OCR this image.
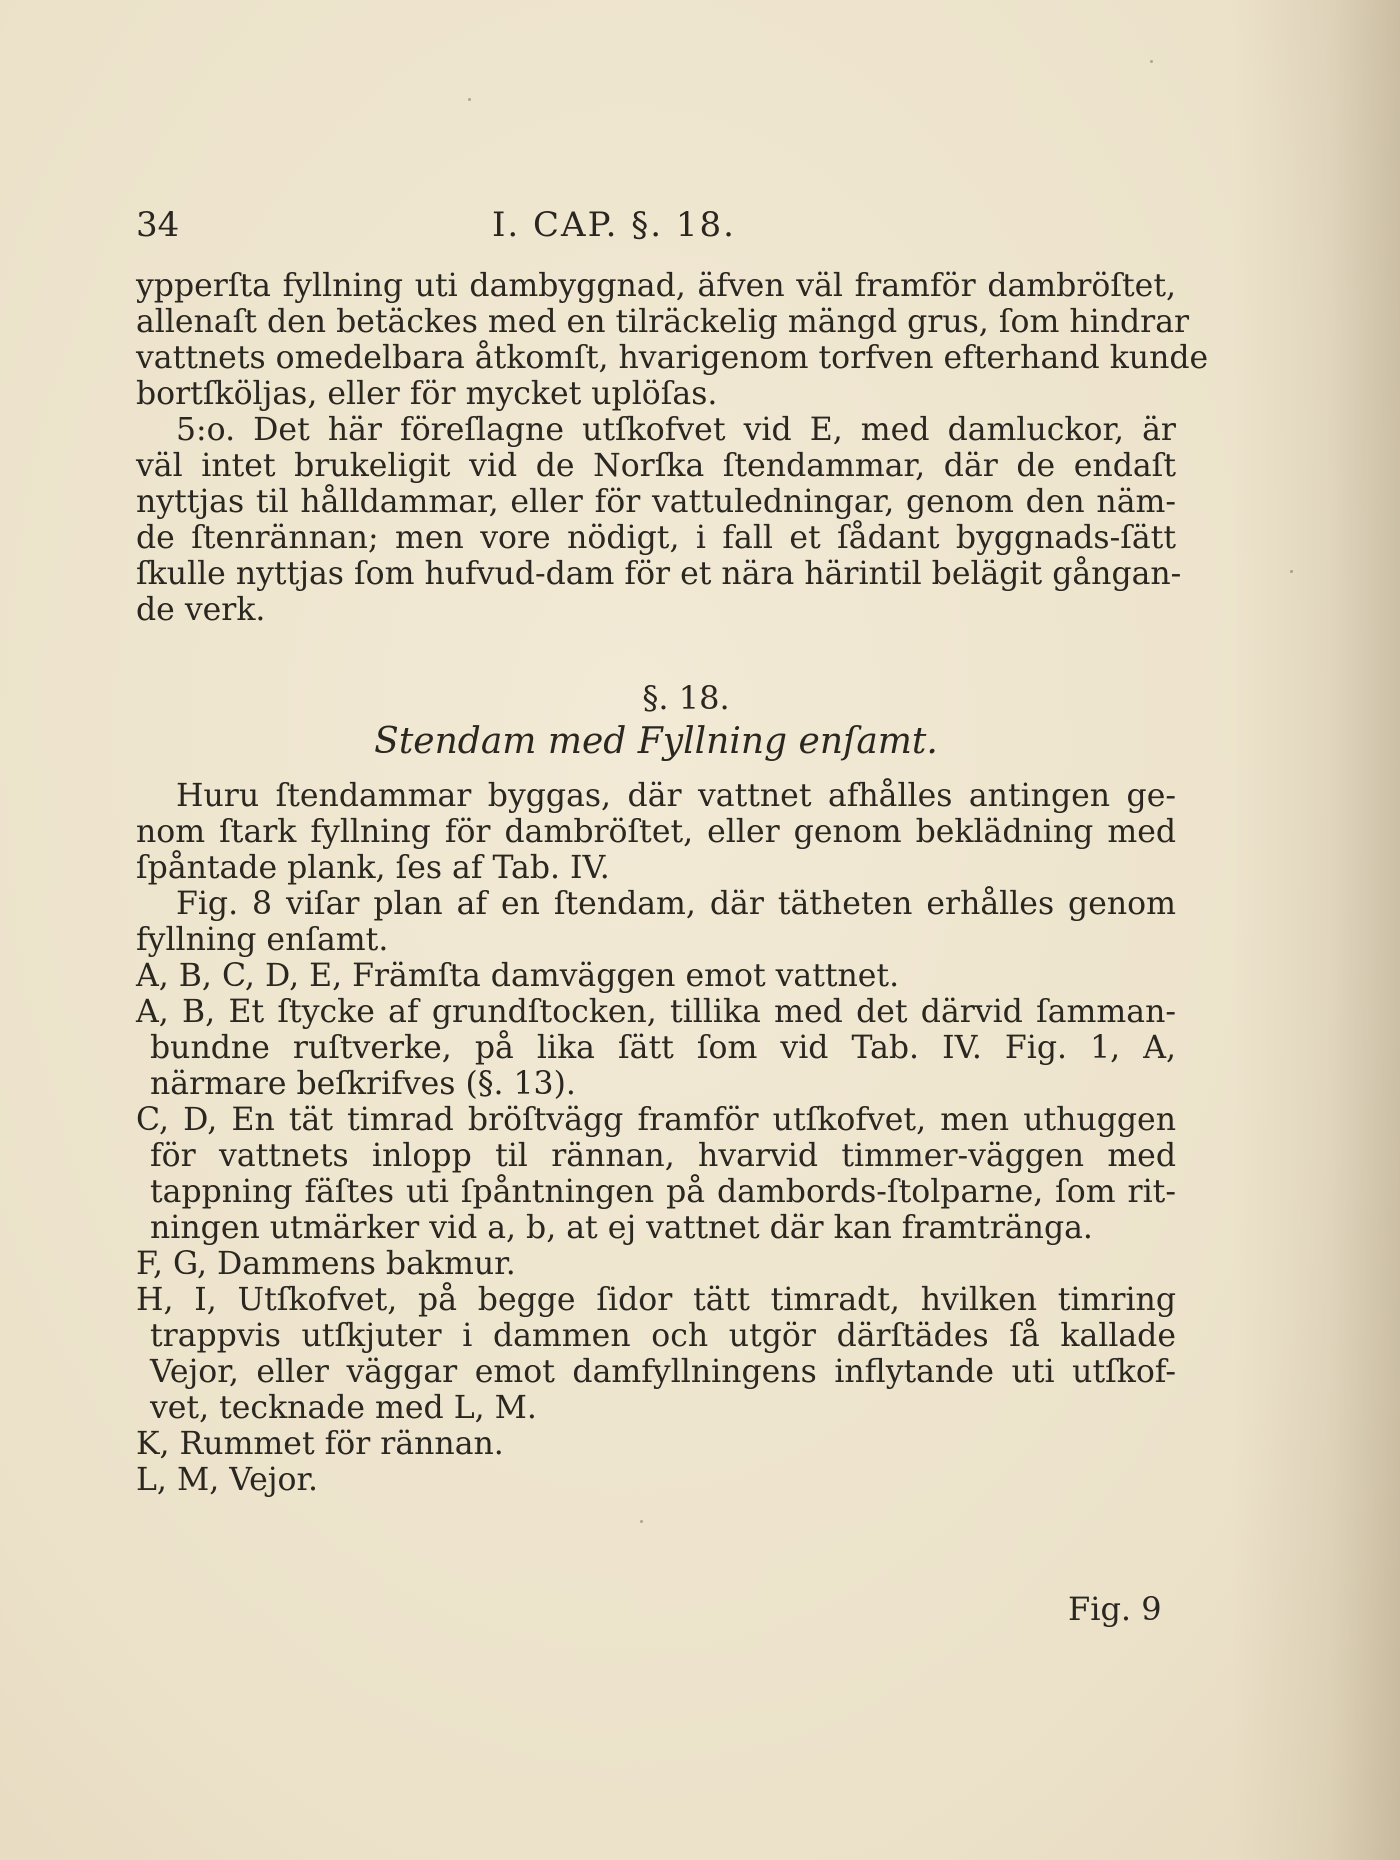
34	I. CAP. §. 18.

ypperſta fyllning uti dambyggnad, äfven väl framför dambröſtet,

allenaſt den betäckes med en tilräckelig mängd grus, ſom hindrar

vattnets omedelbara åtkomſt, hvarigenom torfven efterhand kunde

bortſköljas, eller för mycket uplöſas.

5:o. Det här föreſlagne utſkofvet vid E, med damluckor, är

väl intet brukeligit vid de Norſka ſtendammar, där de endaſt

nyttjas til hålldammar, eller för vattuledningar, genom den näm-

de ſtenrännan; men vore nödigt, i fall et ſådant byggnads-ſätt

ſkulle nyttjas ſom hufvud-dam för et nära härintil belägit gångan-

de verk.

§. 18.
Stendam med Fyllning enſamt.

Huru ſtendammar byggas, där vattnet afhålles antingen ge-

nom ſtark fyllning för dambröſtet, eller genom beklädning med

ſpåntade plank, ſes af Tab. IV.

Fig. 8 viſar plan af en ſtendam, där tätheten erhålles genom

fyllning enſamt.

A, B, C, D, E, Främſta damväggen emot vattnet.

A, B, Et ſtycke af grundſtocken, tillika med det därvid ſamman-

bundne ruſtverke, på lika ſätt ſom vid Tab. IV. Fig. 1, A,

närmare beſkrifves (§. 13).

C, D, En tät timrad bröſtvägg framför utſkofvet, men uthuggen

för vattnets inlopp til rännan, hvarvid timmer-väggen med

tappning fäſtes uti ſpåntningen på dambords-ſtolparne, ſom rit-

ningen utmärker vid a, b, at ej vattnet där kan framtränga.

F, G, Dammens bakmur.

H, I, Utſkofvet, på begge ſidor tätt timradt, hvilken timring

trappvis utſkjuter i dammen och utgör därſtädes ſå kallade

Vejor, eller väggar emot damfyllningens inflytande uti utſkof-

vet, tecknade med L, M.

K, Rummet för rännan.

L, M, Vejor.

Fig. 9
